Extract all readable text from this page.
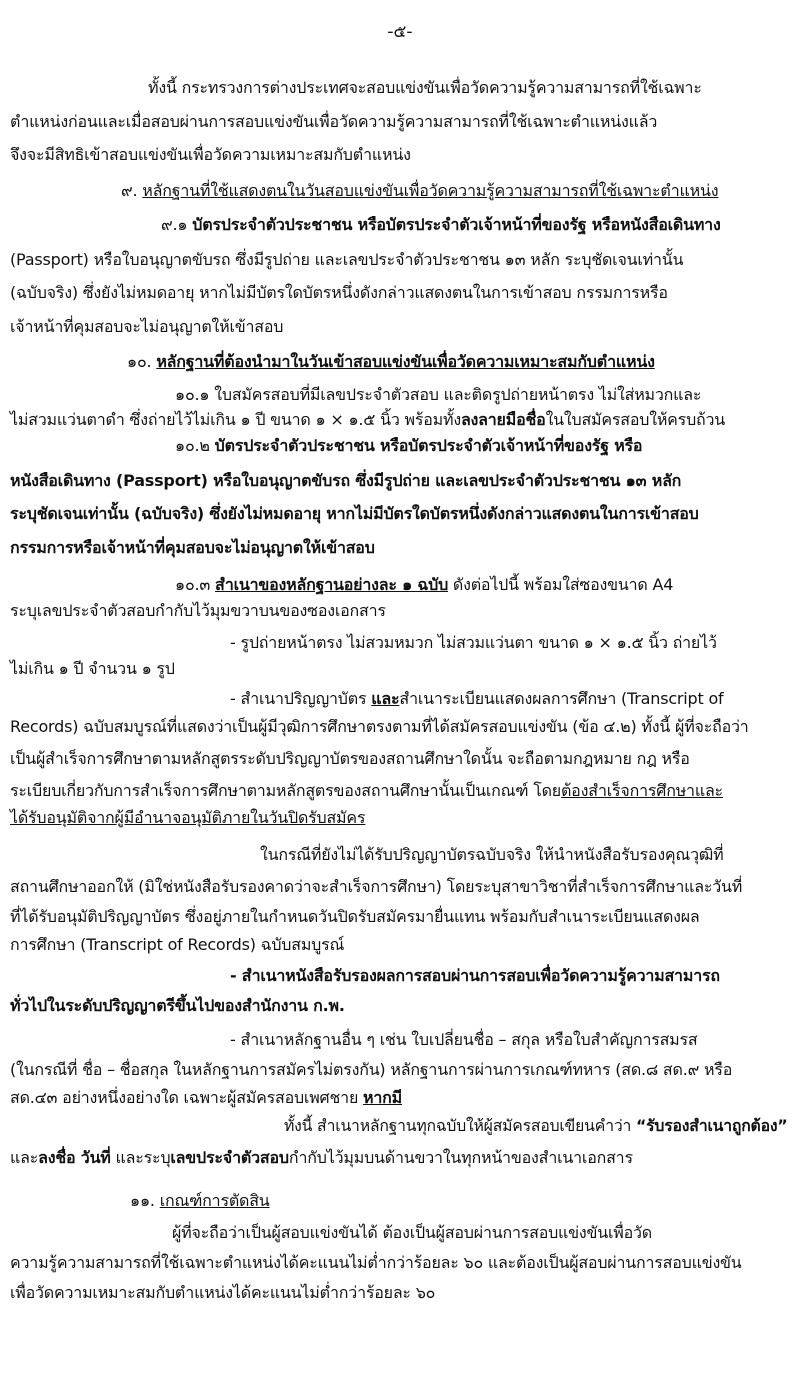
-๕-
ทั้งนี้ กระทรวงการต่างประเทศจะสอบแข่งขันเพื่อวัดความรู้ความสามารถที่ใช้เฉพาะ
ตำแหน่งก่อนและเมื่อสอบผ่านการสอบแข่งขันเพื่อวัดความรู้ความสามารถที่ใช้เฉพาะตำแหน่งแล้ว
จึงจะมีสิทธิเข้าสอบแข่งขันเพื่อวัดความเหมาะสมกับตำแหน่ง
๙. หลักฐานที่ใช้แสดงตนในวันสอบแข่งขันเพื่อวัดความรู้ความสามารถที่ใช้เฉพาะตำแหน่ง
๙.๑ บัตรประจำตัวประชาชน หรือบัตรประจำตัวเจ้าหน้าที่ของรัฐ หรือหนังสือเดินทาง
(Passport) หรือใบอนุญาตขับรถ ซึ่งมีรูปถ่าย และเลขประจำตัวประชาชน ๑๓ หลัก ระบุชัดเจนเท่านั้น
(ฉบับจริง) ซึ่งยังไม่หมดอายุ หากไม่มีบัตรใดบัตรหนึ่งดังกล่าวแสดงตนในการเข้าสอบ กรรมการหรือ
เจ้าหน้าที่คุมสอบจะไม่อนุญาตให้เข้าสอบ
๑๐. หลักฐานที่ต้องนำมาในวันเข้าสอบแข่งขันเพื่อวัดความเหมาะสมกับตำแหน่ง
๑๐.๑ ใบสมัครสอบที่มีเลขประจำตัวสอบ และติดรูปถ่ายหน้าตรง ไม่ใส่หมวกและ
ไม่สวมแว่นตาดำ ซึ่งถ่ายไว้ไม่เกิน ๑ ปี ขนาด ๑ × ๑.๕ นิ้ว พร้อมทั้งลงลายมือชื่อในใบสมัครสอบให้ครบถ้วน
๑๐.๒ บัตรประจำตัวประชาชน หรือบัตรประจำตัวเจ้าหน้าที่ของรัฐ หรือ
หนังสือเดินทาง (Passport) หรือใบอนุญาตขับรถ ซึ่งมีรูปถ่าย และเลขประจำตัวประชาชน ๑๓ หลัก
ระบุชัดเจนเท่านั้น (ฉบับจริง) ซึ่งยังไม่หมดอายุ หากไม่มีบัตรใดบัตรหนึ่งดังกล่าวแสดงตนในการเข้าสอบ
กรรมการหรือเจ้าหน้าที่คุมสอบจะไม่อนุญาตให้เข้าสอบ
๑๐.๓ สำเนาของหลักฐานอย่างละ ๑ ฉบับ ดังต่อไปนี้ พร้อมใส่ซองขนาด A4
ระบุเลขประจำตัวสอบกำกับไว้มุมขวาบนของซองเอกสาร
- รูปถ่ายหน้าตรง ไม่สวมหมวก ไม่สวมแว่นตา ขนาด ๑ × ๑.๕ นิ้ว ถ่ายไว้
ไม่เกิน ๑ ปี จำนวน ๑ รูป
- สำเนาปริญญาบัตร และสำเนาระเบียนแสดงผลการศึกษา (Transcript of
Records) ฉบับสมบูรณ์ที่แสดงว่าเป็นผู้มีวุฒิการศึกษาตรงตามที่ได้สมัครสอบแข่งขัน (ข้อ ๔.๒) ทั้งนี้ ผู้ที่จะถือว่า
เป็นผู้สำเร็จการศึกษาตามหลักสูตรระดับปริญญาบัตรของสถานศึกษาใดนั้น จะถือตามกฎหมาย กฎ หรือ
ระเบียบเกี่ยวกับการสำเร็จการศึกษาตามหลักสูตรของสถานศึกษานั้นเป็นเกณฑ์ โดยต้องสำเร็จการศึกษาและ
ได้รับอนุมัติจากผู้มีอำนาจอนุมัติภายในวันปิดรับสมัคร
ในกรณีที่ยังไม่ได้รับปริญญาบัตรฉบับจริง ให้นำหนังสือรับรองคุณวุฒิที่
สถานศึกษาออกให้ (มิใช่หนังสือรับรองคาดว่าจะสำเร็จการศึกษา) โดยระบุสาขาวิชาที่สำเร็จการศึกษาและวันที่
ที่ได้รับอนุมัติปริญญาบัตร ซึ่งอยู่ภายในกำหนดวันปิดรับสมัครมายื่นแทน พร้อมกับสำเนาระเบียนแสดงผล
การศึกษา (Transcript of Records) ฉบับสมบูรณ์
- สำเนาหนังสือรับรองผลการสอบผ่านการสอบเพื่อวัดความรู้ความสามารถ
ทั่วไปในระดับปริญญาตรีขึ้นไปของสำนักงาน ก.พ.
- สำเนาหลักฐานอื่น ๆ เช่น ใบเปลี่ยนชื่อ – สกุล หรือใบสำคัญการสมรส
(ในกรณีที่ ชื่อ – ชื่อสกุล ในหลักฐานการสมัครไม่ตรงกัน) หลักฐานการผ่านการเกณฑ์ทหาร (สด.๘ สด.๙ หรือ
สด.๔๓ อย่างหนึ่งอย่างใด เฉพาะผู้สมัครสอบเพศชาย หากมี
ทั้งนี้ สำเนาหลักฐานทุกฉบับให้ผู้สมัครสอบเขียนคำว่า “รับรองสำเนาถูกต้อง”
และลงชื่อ วันที่ และระบุเลขประจำตัวสอบกำกับไว้มุมบนด้านขวาในทุกหน้าของสำเนาเอกสาร
๑๑. เกณฑ์การตัดสิน
ผู้ที่จะถือว่าเป็นผู้สอบแข่งขันได้ ต้องเป็นผู้สอบผ่านการสอบแข่งขันเพื่อวัด
ความรู้ความสามารถที่ใช้เฉพาะตำแหน่งได้คะแนนไม่ต่ำกว่าร้อยละ ๖๐ และต้องเป็นผู้สอบผ่านการสอบแข่งขัน
เพื่อวัดความเหมาะสมกับตำแหน่งได้คะแนนไม่ต่ำกว่าร้อยละ ๖๐
